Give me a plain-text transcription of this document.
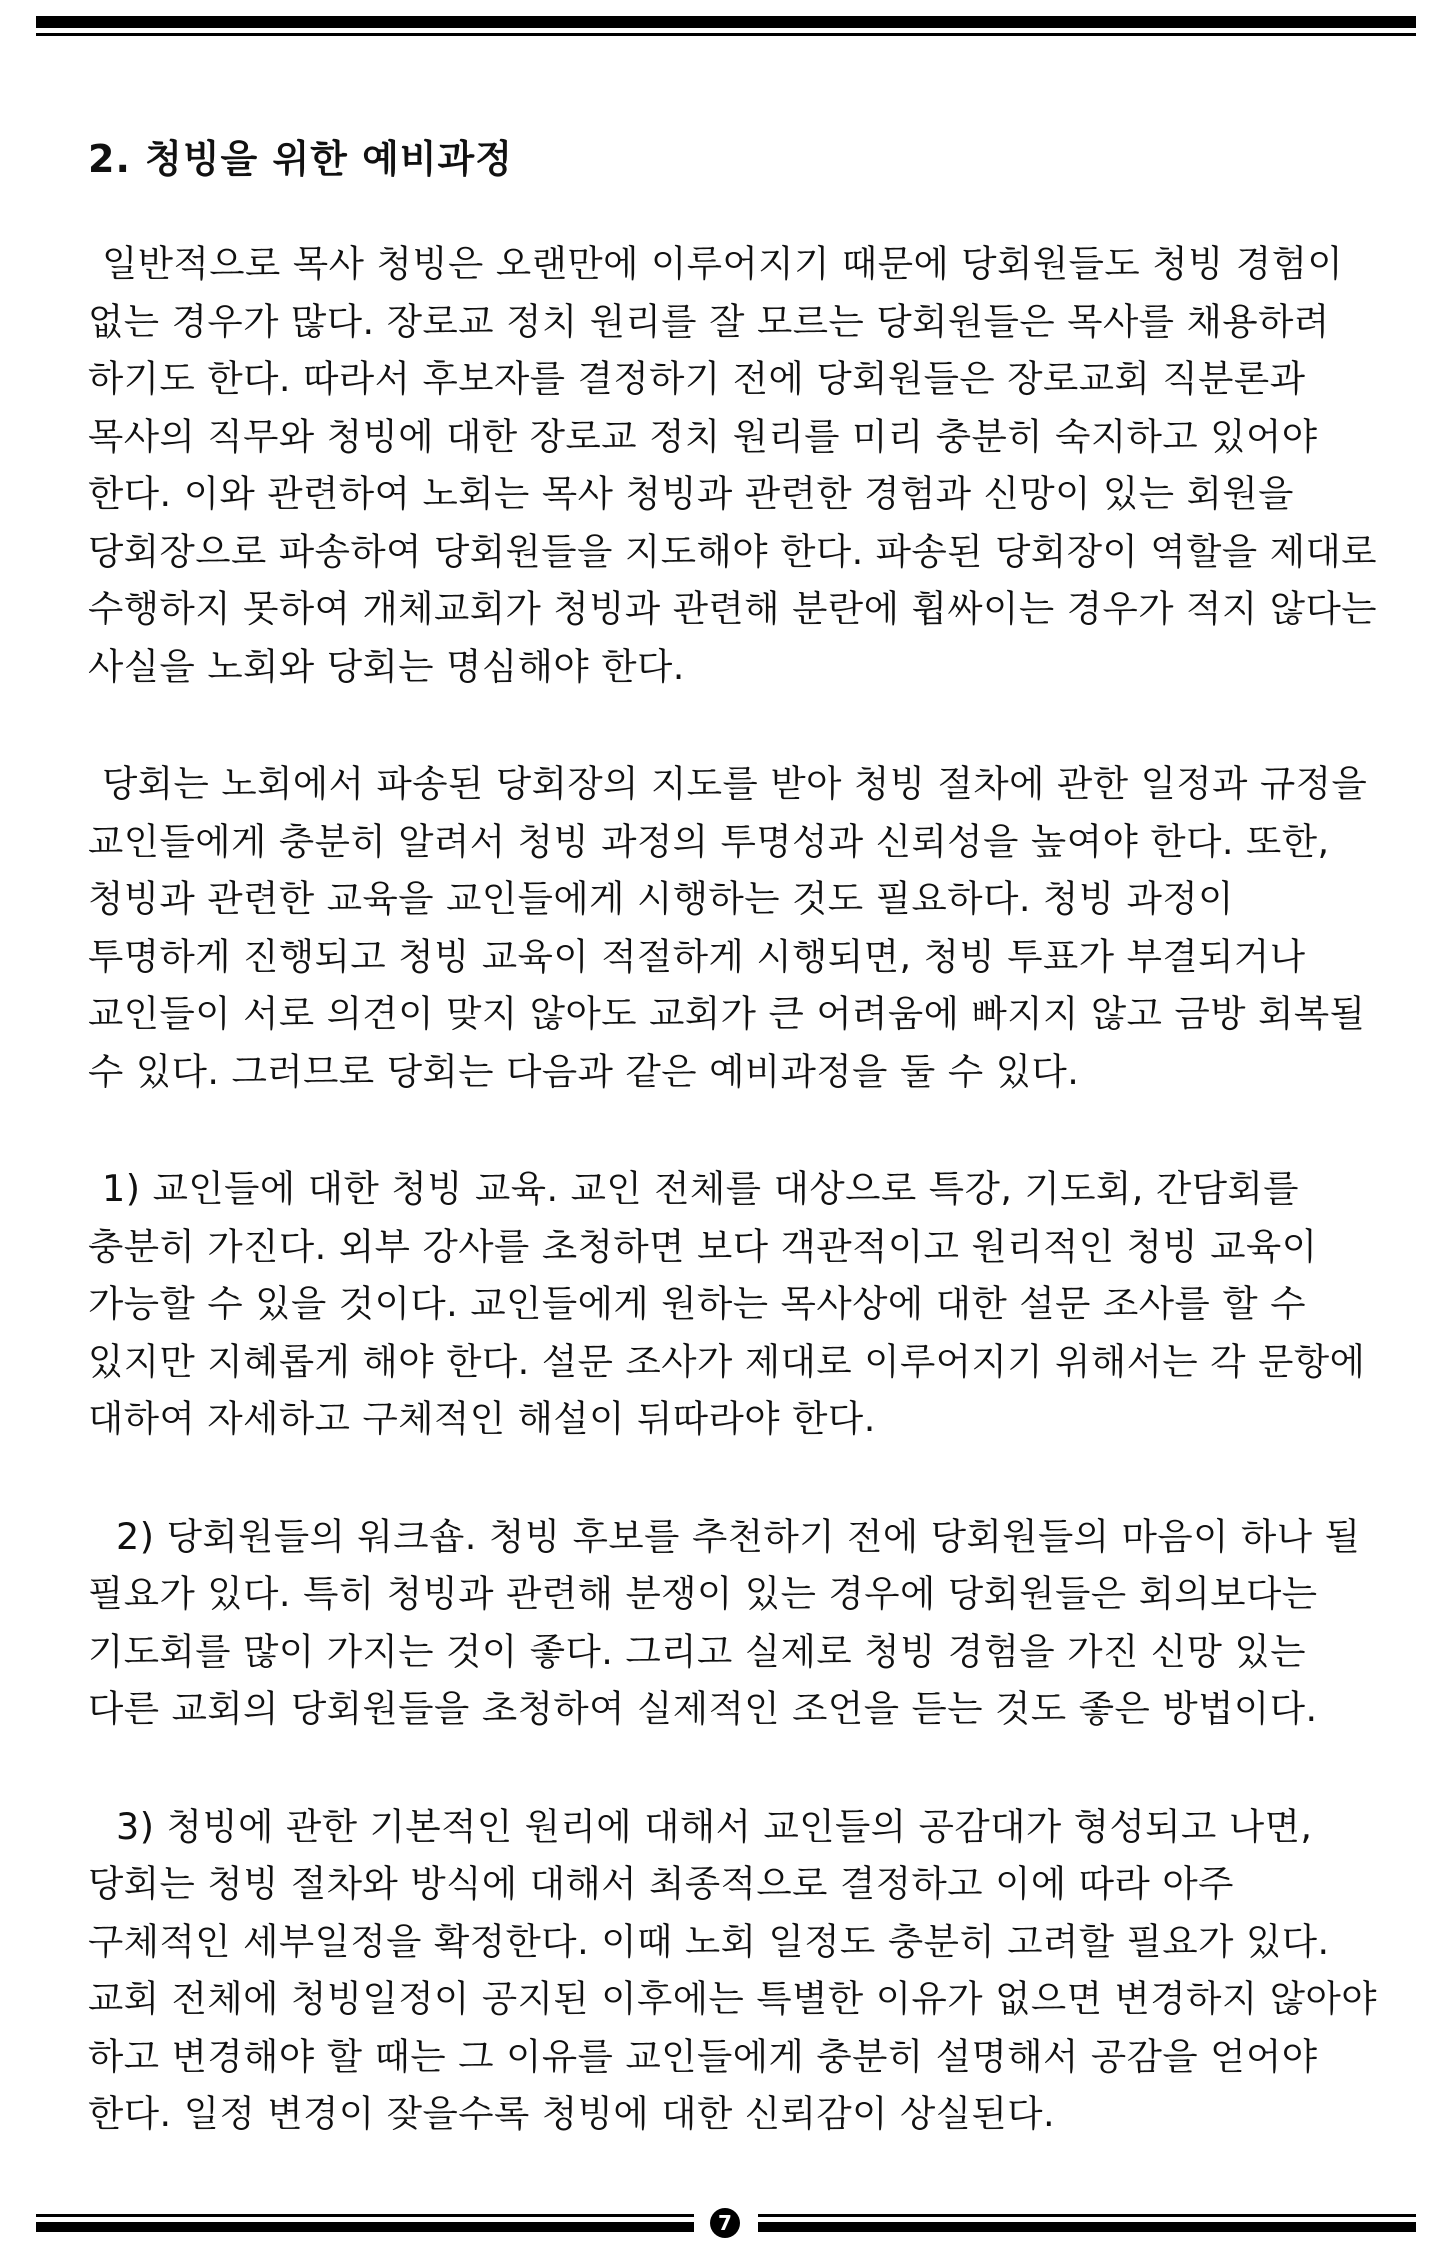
2. 청빙을 위한 예비과정

일반적으로 목사 청빙은 오랜만에 이루어지기 때문에 당회원들도 청빙 경험이 없는 경우가 많다. 장로교 정치 원리를 잘 모르는 당회원들은 목사를 채용하려 하기도 한다. 따라서 후보자를 결정하기 전에 당회원들은 장로교회 직분론과 목사의 직무와 청빙에 대한 장로교 정치 원리를 미리 충분히 숙지하고 있어야 한다. 이와 관련하여 노회는 목사 청빙과 관련한 경험과 신망이 있는 회원을 당회장으로 파송하여 당회원들을 지도해야 한다. 파송된 당회장이 역할을 제대로 수행하지 못하여 개체교회가 청빙과 관련해 분란에 휩싸이는 경우가 적지 않다는 사실을 노회와 당회는 명심해야 한다.

당회는 노회에서 파송된 당회장의 지도를 받아 청빙 절차에 관한 일정과 규정을 교인들에게 충분히 알려서 청빙 과정의 투명성과 신뢰성을 높여야 한다. 또한, 청빙과 관련한 교육을 교인들에게 시행하는 것도 필요하다. 청빙 과정이 투명하게 진행되고 청빙 교육이 적절하게 시행되면, 청빙 투표가 부결되거나 교인들이 서로 의견이 맞지 않아도 교회가 큰 어려움에 빠지지 않고 금방 회복될 수 있다. 그러므로 당회는 다음과 같은 예비과정을 둘 수 있다.

1) 교인들에 대한 청빙 교육. 교인 전체를 대상으로 특강, 기도회, 간담회를 충분히 가진다. 외부 강사를 초청하면 보다 객관적이고 원리적인 청빙 교육이 가능할 수 있을 것이다. 교인들에게 원하는 목사상에 대한 설문 조사를 할 수 있지만 지혜롭게 해야 한다. 설문 조사가 제대로 이루어지기 위해서는 각 문항에 대하여 자세하고 구체적인 해설이 뒤따라야 한다.

2) 당회원들의 워크숍. 청빙 후보를 추천하기 전에 당회원들의 마음이 하나 될 필요가 있다. 특히 청빙과 관련해 분쟁이 있는 경우에 당회원들은 회의보다는 기도회를 많이 가지는 것이 좋다. 그리고 실제로 청빙 경험을 가진 신망 있는 다른 교회의 당회원들을 초청하여 실제적인 조언을 듣는 것도 좋은 방법이다.

3) 청빙에 관한 기본적인 원리에 대해서 교인들의 공감대가 형성되고 나면, 당회는 청빙 절차와 방식에 대해서 최종적으로 결정하고 이에 따라 아주 구체적인 세부일정을 확정한다. 이때 노회 일정도 충분히 고려할 필요가 있다. 교회 전체에 청빙일정이 공지된 이후에는 특별한 이유가 없으면 변경하지 않아야 하고 변경해야 할 때는 그 이유를 교인들에게 충분히 설명해서 공감을 얻어야 한다. 일정 변경이 잦을수록 청빙에 대한 신뢰감이 상실된다.

7
